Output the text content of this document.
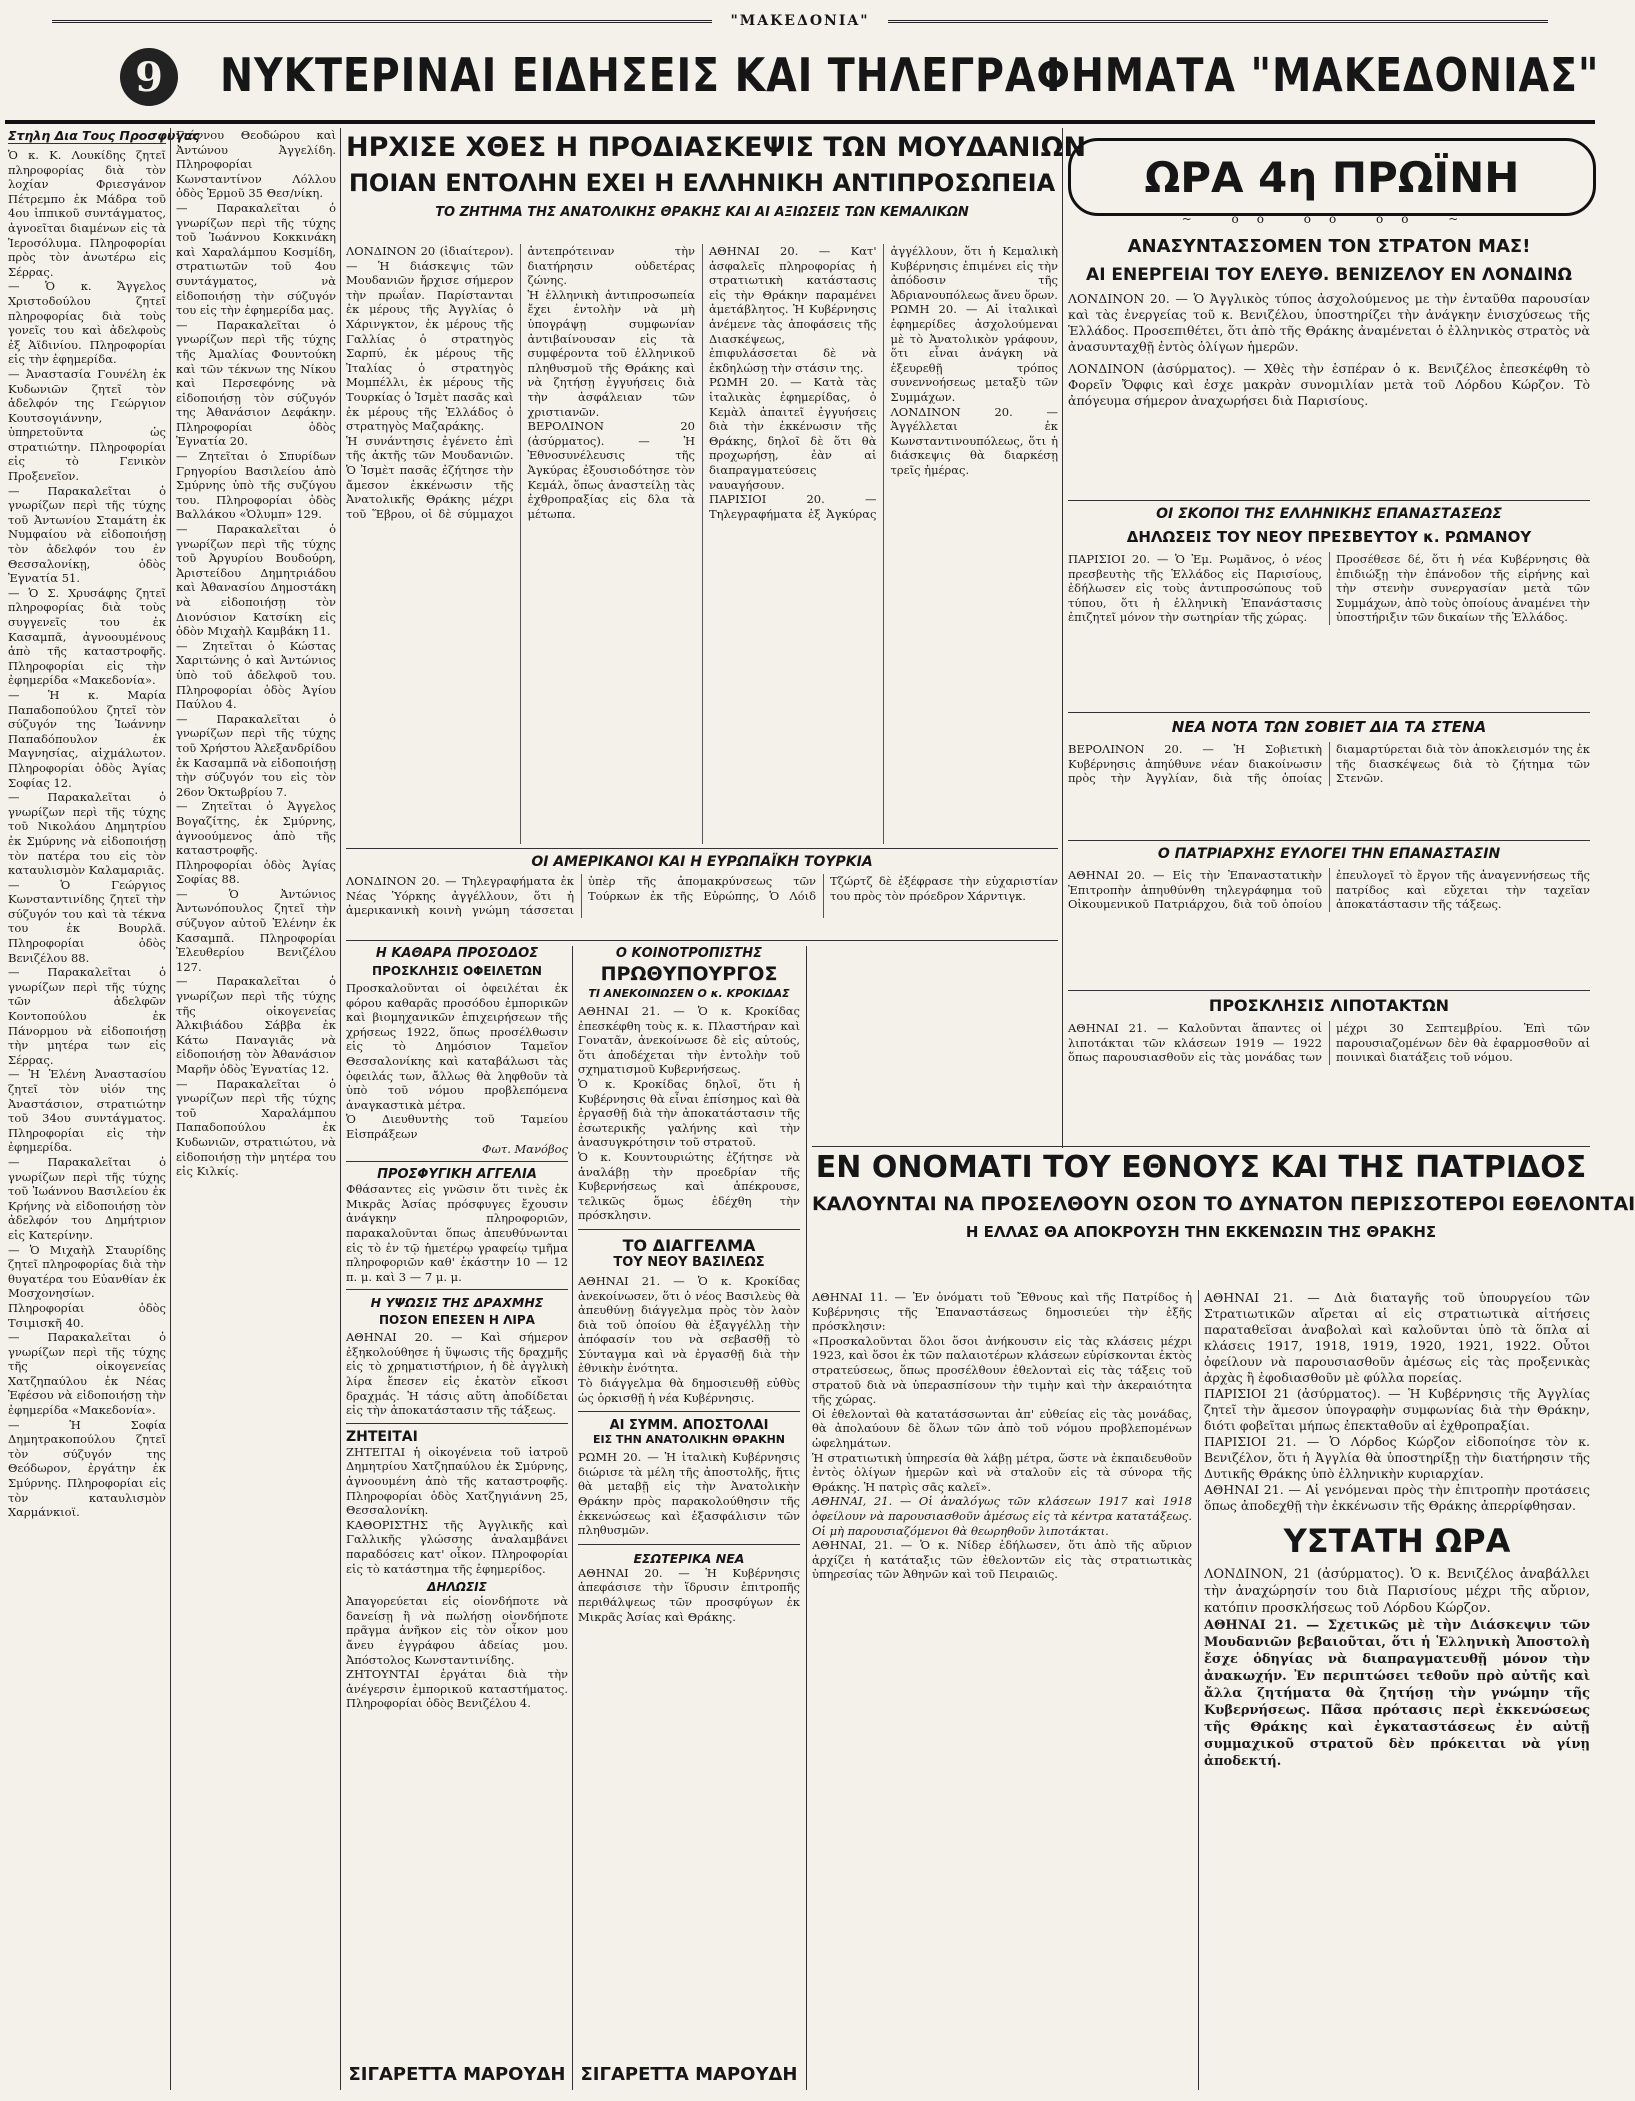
"ΜΑΚΕΔΟΝΙΑ"
9	ΝΥΚΤΕΡΙΝΑΙ ΕΙΔΗΣΕΙΣ ΚΑΙ ΤΗΛΕΓΡΑΦΗΜΑΤΑ "ΜΑΚΕΔΟΝΙΑΣ"
Στηλη Δια Τους Προσφυγας

Ὁ κ. Κ. Λουκίδης ζητεῖ πληροφορίας διὰ τὸν λοχίαν Φριεσγάνον Πέτρεμπο ἐκ Μάδρα τοῦ 4ου ἱππικοῦ συντάγματος, ἀγνοεῖται διαμένων εἰς τὰ Ἱεροσόλυμα. Πληροφορίαι πρὸς τὸν ἀνωτέρω εἰς Σέρρας.

— Ὁ κ. Ἄγγελος Χριστοδούλου ζητεῖ πληροφορίας διὰ τοὺς γονεῖς του καὶ ἀδελφοὺς ἐξ Ἀϊδινίου. Πληροφορίαι εἰς τὴν ἐφημερίδα.

— Ἀναστασία Γουνέλη ἐκ Κυδωνιῶν ζητεῖ τὸν ἀδελφόν της Γεώργιον Κουτσογιάννην, ὑπηρετοῦντα ὡς στρατιώτην. Πληροφορίαι εἰς τὸ Γενικὸν Προξενεῖον.

— Παρακαλεῖται ὁ γνωρίζων περὶ τῆς τύχης τοῦ Ἀντωνίου Σταμάτη ἐκ Νυμφαίου νὰ εἰδοποιήσῃ τὸν ἀδελφόν του ἐν Θεσσαλονίκῃ, ὁδὸς Ἐγνατία 51.

— Ὁ Σ. Χρυσάφης ζητεῖ πληροφορίας διὰ τοὺς συγγενεῖς του ἐκ Κασαμπᾶ, ἀγνοουμένους ἀπὸ τῆς καταστροφῆς. Πληροφορίαι εἰς τὴν ἐφημερίδα «Μακεδονία».

— Ἡ κ. Μαρία Παπαδοπούλου ζητεῖ τὸν σύζυγόν της Ἰωάννην Παπαδόπουλον ἐκ Μαγνησίας, αἰχμάλωτον. Πληροφορίαι ὁδὸς Ἀγίας Σοφίας 12.

— Παρακαλεῖται ὁ γνωρίζων περὶ τῆς τύχης τοῦ Νικολάου Δημητρίου ἐκ Σμύρνης νὰ εἰδοποιήσῃ τὸν πατέρα του εἰς τὸν καταυλισμὸν Καλαμαριᾶς.

— Ὁ Γεώργιος Κωνσταντινίδης ζητεῖ τὴν σύζυγόν του καὶ τὰ τέκνα του ἐκ Βουρλᾶ. Πληροφορίαι ὁδὸς Βενιζέλου 88.

— Παρακαλεῖται ὁ γνωρίζων περὶ τῆς τύχης τῶν ἀδελφῶν Κοντοπούλου ἐκ Πάνορμου νὰ εἰδοποιήσῃ τὴν μητέρα των εἰς Σέρρας.

— Ἡ Ἑλένη Ἀναστασίου ζητεῖ τὸν υἱόν της Ἀναστάσιον, στρατιώτην τοῦ 34ου συντάγματος. Πληροφορίαι εἰς τὴν ἐφημερίδα.

— Παρακαλεῖται ὁ γνωρίζων περὶ τῆς τύχης τοῦ Ἰωάννου Βασιλείου ἐκ Κρήνης νὰ εἰδοποιήσῃ τὸν ἀδελφόν του Δημήτριον εἰς Κατερίνην.

— Ὁ Μιχαὴλ Σταυρίδης ζητεῖ πληροφορίας διὰ τὴν θυγατέρα του Εὐανθίαν ἐκ Μοσχονησίων. Πληροφορίαι ὁδὸς Τσιμισκῆ 40.

— Παρακαλεῖται ὁ γνωρίζων περὶ τῆς τύχης τῆς οἰκογενείας Χατζηπαύλου ἐκ Νέας Ἐφέσου νὰ εἰδοποιήσῃ τὴν ἐφημερίδα «Μακεδονία».

— Ἡ Σοφία Δημητρακοπούλου ζητεῖ τὸν σύζυγόν της Θεόδωρον, ἐργάτην ἐκ Σμύρνης. Πληροφορίαι εἰς τὸν καταυλισμὸν Χαρμάνκιοϊ.

Γιάννου Θεοδώρου καὶ Ἀντώνου Ἀγγελίδη. Πληροφορίαι Κωνσταντίνον Λόλλου ὁδὸς Ἑρμοῦ 35 Θεσ/νίκη.

— Παρακαλεῖται ὁ γνωρίζων περὶ τῆς τύχης τοῦ Ἰωάννου Κοκκινάκη καὶ Χαραλάμπου Κοσμίδη, στρατιωτῶν τοῦ 4ου συντάγματος, νὰ εἰδοποιήσῃ τὴν σύζυγόν του εἰς τὴν ἐφημερίδα μας.

— Παρακαλεῖται ὁ γνωρίζων περὶ τῆς τύχης τῆς Ἀμαλίας Φουντούκη καὶ τῶν τέκνων της Νίκου καὶ Περσεφόνης νὰ εἰδοποιήσῃ τὸν σύζυγόν της Ἀθανάσιον Δεφάκην. Πληροφορίαι ὁδὸς Ἐγνατία 20.

— Ζητεῖται ὁ Σπυρίδων Γρηγορίου Βασιλείου ἀπὸ Σμύρνης ὑπὸ τῆς συζύγου του. Πληροφορίαι ὁδὸς Βαλλάκου «Ὁλυμπ» 129.

— Παρακαλεῖται ὁ γνωρίζων περὶ τῆς τύχης τοῦ Ἀργυρίου Βουδούρη, Ἀριστείδου Δημητριάδου καὶ Ἀθανασίου Δημοστάκη νὰ εἰδοποιήσῃ τὸν Διονύσιον Κατσίκη εἰς ὁδὸν Μιχαὴλ Καμβάκη 11.

— Ζητεῖται ὁ Κώστας Χαριτώνης ὁ καὶ Ἀντώνιος ὑπὸ τοῦ ἀδελφοῦ του. Πληροφορίαι ὁδὸς Ἀγίου Παύλου 4.

— Παρακαλεῖται ὁ γνωρίζων περὶ τῆς τύχης τοῦ Χρήστου Ἀλεξανδρίδου ἐκ Κασαμπᾶ νὰ εἰδοποιήσῃ τὴν σύζυγόν του εἰς τὸν 26ον Ὀκτωβρίου 7.

— Ζητεῖται ὁ Ἀγγελος Βογαζίτης, ἐκ Σμύρνης, ἀγνοούμενος ἀπὸ τῆς καταστροφῆς. Πληροφορίαι ὁδὸς Ἁγίας Σοφίας 88.

— Ὁ Ἀντώνιος Ἀντωνόπουλος ζητεῖ τὴν σύζυγον αὐτοῦ Ἑλένην ἐκ Κασαμπᾶ. Πληροφορίαι Ἐλευθερίου Βενιζέλου 127.

— Παρακαλεῖται ὁ γνωρίζων περὶ τῆς τύχης τῆς οἰκογενείας Ἀλκιβιάδου Σάββα ἐκ Κάτω Παναγιᾶς νὰ εἰδοποιήσῃ τὸν Ἀθανάσιον Μαρῆν ὁδὸς Ἐγνατίας 12.

— Παρακαλεῖται ὁ γνωρίζων περὶ τῆς τύχης τοῦ Χαραλάμπου Παπαδοπούλου ἐκ Κυδωνιῶν, στρατιώτου, νὰ εἰδοποιήσῃ τὴν μητέρα του εἰς Κιλκίς.

ΗΡΧΙΣΕ ΧΘΕΣ Η ΠΡΟΔΙΑΣΚΕΨΙΣ ΤΩΝ ΜΟΥΔΑΝΙΩΝ
ΠΟΙΑΝ ΕΝΤΟΛΗΝ ΕΧΕΙ Η ΕΛΛΗΝΙΚΗ ΑΝΤΙΠΡΟΣΩΠΕΙΑ
ΤΟ ΖΗΤΗΜΑ ΤΗΣ ΑΝΑΤΟΛΙΚΗΣ ΘΡΑΚΗΣ ΚΑΙ ΑΙ ΑΞΙΩΣΕΙΣ ΤΩΝ ΚΕΜΑΛΙΚΩΝ

ΛΟΝΔΙΝΟΝ 20 (ἰδιαίτερον). — Ἡ διάσκεψις τῶν Μουδανιῶν ἤρχισε σήμερον τὴν πρωΐαν. Παρίστανται ἐκ μέρους τῆς Ἀγγλίας ὁ Χάρινγκτον, ἐκ μέρους τῆς Γαλλίας ὁ στρατηγὸς Σαρπύ, ἐκ μέρους τῆς Ἰταλίας ὁ στρατηγὸς Μομπέλλι, ἐκ μέρους τῆς Τουρκίας ὁ Ἰσμὲτ πασᾶς καὶ ἐκ μέρους τῆς Ἑλλάδος ὁ στρατηγὸς Μαζαράκης.

Ἡ συνάντησις ἐγένετο ἐπὶ τῆς ἀκτῆς τῶν Μουδανιῶν. Ὁ Ἰσμὲτ πασᾶς ἐζήτησε τὴν ἄμεσον ἐκκένωσιν τῆς Ἀνατολικῆς Θράκης μέχρι τοῦ Ἕβρου, οἱ δὲ σύμμαχοι ἀντεπρότειναν τὴν διατήρησιν οὐδετέρας ζώνης.

Ἡ ἑλληνικὴ ἀντιπροσωπεία ἔχει ἐντολὴν νὰ μὴ ὑπογράψῃ συμφωνίαν ἀντιβαίνουσαν εἰς τὰ συμφέροντα τοῦ ἑλληνικοῦ πληθυσμοῦ τῆς Θράκης καὶ νὰ ζητήσῃ ἐγγυήσεις διὰ τὴν ἀσφάλειαν τῶν χριστιανῶν.

ΒΕΡΟΛΙΝΟΝ 20 (ἀσύρματος). — Ἡ Ἐθνοσυνέλευσις τῆς Ἀγκύρας ἐξουσιοδότησε τὸν Κεμάλ, ὅπως ἀναστείλῃ τὰς ἐχθροπραξίας εἰς δλα τὰ μέτωπα.

ΑΘΗΝΑΙ 20. — Κατ' ἀσφαλεῖς πληροφορίας ἡ στρατιωτικὴ κατάστασις εἰς τὴν Θράκην παραμένει ἀμετάβλητος. Ἡ Κυβέρνησις ἀνέμενε τὰς ἀποφάσεις τῆς Διασκέψεως, ἐπιφυλάσσεται δὲ νὰ ἐκδηλώσῃ τὴν στάσιν της.

ΡΩΜΗ 20. — Κατὰ τὰς ἰταλικὰς ἐφημερίδας, ὁ Κεμὰλ ἀπαιτεῖ ἐγγυήσεις διὰ τὴν ἐκκένωσιν τῆς Θράκης, δηλοῖ δὲ ὅτι θὰ προχωρήσῃ, ἐὰν αἱ διαπραγματεύσεις ναυαγήσουν.

ΠΑΡΙΣΙΟΙ 20. — Τηλεγραφήματα ἐξ Ἀγκύρας ἀγγέλλουν, ὅτι ἡ Κεμαλικὴ Κυβέρνησις ἐπιμένει εἰς τὴν ἀπόδοσιν τῆς Ἀδριανουπόλεως ἄνευ ὅρων.

ΡΩΜΗ 20. — Αἱ ἰταλικαὶ ἐφημερίδες ἀσχολούμεναι μὲ τὸ Ἀνατολικὸν γράφουν, ὅτι εἶναι ἀνάγκη νὰ ἐξευρεθῇ τρόπος συνεννοήσεως μεταξὺ τῶν Συμμάχων.

ΛΟΝΔΙΝΟΝ 20. — Ἀγγέλλεται ἐκ Κωνσταντινουπόλεως, ὅτι ἡ διάσκεψις θὰ διαρκέσῃ τρεῖς ἡμέρας.

ΩΡΑ 4η ΠΡΩΪΝΗ
~ oo oo oo ~
ΑΝΑΣΥΝΤΑΣΣΟΜΕΝ ΤΟΝ ΣΤΡΑΤΟΝ ΜΑΣ!
ΑΙ ΕΝΕΡΓΕΙΑΙ ΤΟΥ ΕΛΕΥΘ. ΒΕΝΙΖΕΛΟΥ ΕΝ ΛΟΝΔΙΝΩ

ΛΟΝΔΙΝΟΝ 20. — Ὁ Ἀγγλικὸς τύπος ἀσχολούμενος με τὴν ἐνταῦθα παρουσίαν καὶ τὰς ἐνεργείας τοῦ κ. Βενιζέλου, ὑποστηρίζει τὴν ἀνάγκην ἐνισχύσεως τῆς Ἑλλάδος. Προσεπιθέτει, ὅτι ἀπὸ τῆς Θράκης ἀναμένεται ὁ ἐλληνικὸς στρατὸς νὰ ἀνασυνταχθῇ ἐντὸς ὀλίγων ἡμερῶν.

ΛΟΝΔΙΝΟΝ (ἀσύρματος). — Χθὲς τὴν ἑσπέραν ὁ κ. Βενιζέλος ἐπεσκέφθη τὸ Φορεῖν Ὄφφις καὶ ἐσχε μακρὰν συνομιλίαν μετὰ τοῦ Λόρδου Κώρζον. Τὸ ἀπόγευμα σήμερον ἀναχωρήσει διὰ Παρισίους.

ΟΙ ΣΚΟΠΟΙ ΤΗΣ ΕΛΛΗΝΙΚΗΣ ΕΠΑΝΑΣΤΑΣΕΩΣ
ΔΗΛΩΣΕΙΣ ΤΟΥ ΝΕΟΥ ΠΡΕΣΒΕΥΤΟΥ κ. ΡΩΜΑΝΟΥ

ΠΑΡΙΣΙΟΙ 20. — Ὁ Ἐμ. Ρωμᾶνος, ὁ νέος πρεσβευτὴς τῆς Ἑλλάδος εἰς Παρισίους, ἐδήλωσεν εἰς τοὺς ἀντιπροσώπους τοῦ τύπου, ὅτι ἡ ἑλληνικὴ Ἐπανάστασις ἐπιζητεῖ μόνον τὴν σωτηρίαν τῆς χώρας.

Προσέθεσε δέ, ὅτι ἡ νέα Κυβέρνησις θὰ ἐπιδιώξῃ τὴν ἐπάνοδον τῆς εἰρήνης καὶ τὴν στενὴν συνεργασίαν μετὰ τῶν Συμμάχων, ἀπὸ τοὺς ὁποίους ἀναμένει τὴν ὑποστήριξιν τῶν δικαίων τῆς Ἑλλάδος.

ΝΕΑ ΝΟΤΑ ΤΩΝ ΣΟΒΙΕΤ ΔΙΑ ΤΑ ΣΤΕΝΑ

ΒΕΡΟΛΙΝΟΝ 20. — Ἡ Σοβιετικὴ Κυβέρνησις ἀπηύθυνε νέαν διακοίνωσιν πρὸς τὴν Ἀγγλίαν, διὰ τῆς ὁποίας διαμαρτύρεται διὰ τὸν ἀποκλεισμόν της ἐκ τῆς διασκέψεως διὰ τὸ ζήτημα τῶν Στενῶν.

Ο ΠΑΤΡΙΑΡΧΗΣ ΕΥΛΟΓΕΙ ΤΗΝ ΕΠΑΝΑΣΤΑΣΙΝ

ΑΘΗΝΑΙ 20. — Εἰς τὴν Ἐπαναστατικὴν Ἐπιτροπὴν ἀπηυθύνθη τηλεγράφημα τοῦ Οἰκουμενικοῦ Πατριάρχου, διὰ τοῦ ὁποίου ἐπευλογεῖ τὸ ἔργον τῆς ἀναγεννήσεως τῆς πατρίδος καὶ εὔχεται τὴν ταχεῖαν ἀποκατάστασιν τῆς τάξεως.

ΠΡΟΣΚΛΗΣΙΣ ΛΙΠΟΤΑΚΤΩΝ

ΑΘΗΝΑΙ 21. — Καλοῦνται ἅπαντες οἱ λιποτάκται τῶν κλάσεων 1919 — 1922 ὅπως παρουσιασθοῦν εἰς τὰς μονάδας των μέχρι 30 Σεπτεμβρίου. Ἐπὶ τῶν παρουσιαζομένων δὲν θὰ ἐφαρμοσθοῦν αἱ ποινικαὶ διατάξεις τοῦ νόμου.

ΟΙ ΑΜΕΡΙΚΑΝΟΙ ΚΑΙ Η ΕΥΡΩΠΑΪΚΗ ΤΟΥΡΚΙΑ

ΛΟΝΔΙΝΟΝ 20. — Τηλεγραφήματα ἐκ Νέας Ὑόρκης ἀγγέλλουν, ὅτι ἡ ἀμερικανικὴ κοινὴ γνώμη τάσσεται ὑπὲρ τῆς ἀπομακρύνσεως τῶν Τούρκων ἐκ τῆς Εὐρώπης, Ὁ Λόιδ Τζώρτζ δὲ ἐξέφρασε τὴν εὐχαριστίαν του πρὸς τὸν πρόεδρον Χάρντιγκ.

Η ΚΑΘΑΡΑ ΠΡΟΣΟΔΟΣ
ΠΡΟΣΚΛΗΣΙΣ ΟΦΕΙΛΕΤΩΝ

Προσκαλοῦνται οἱ ὀφειλέται ἐκ φόρου καθαρᾶς προσόδου ἐμπορικῶν καὶ βιομηχανικῶν ἐπιχειρήσεων τῆς χρήσεως 1922, ὅπως προσέλθωσιν εἰς τὸ Δημόσιον Ταμεῖον Θεσσαλονίκης καὶ καταβάλωσι τὰς ὀφειλάς των, ἄλλως θὰ ληφθοῦν τὰ ὑπὸ τοῦ νόμου προβλεπόμενα ἀναγκαστικὰ μέτρα.

Ὁ Διευθυντὴς τοῦ Ταμείου Εἰσπράξεων

Φωτ. Μανόβος

ΠΡΟΣΦΥΓΙΚΗ ΑΓΓΕΛΙΑ

Φθάσαντες εἰς γνῶσιν ὅτι τινὲς ἐκ Μικρᾶς Ἀσίας πρόσφυγες ἔχουσιν ἀνάγκην πληροφοριῶν, παρακαλοῦνται ὅπως ἀπευθύνωνται εἰς τὸ ἐν τῷ ἡμετέρῳ γραφείῳ τμῆμα πληροφοριῶν καθ' ἑκάστην 10 — 12 π. μ. καὶ 3 — 7 μ. μ.

Η ΥΨΩΣΙΣ ΤΗΣ ΔΡΑΧΜΗΣ
ΠΟΣΟΝ ΕΠΕΣΕΝ Η ΛΙΡΑ

ΑΘΗΝΑΙ 20. — Καὶ σήμερον ἐξηκολούθησε ἡ ὕψωσις τῆς δραχμῆς εἰς τὸ χρηματιστήριον, ἡ δὲ ἀγγλικὴ λίρα ἔπεσεν εἰς ἐκατὸν εἴκοσι δραχμάς. Ἡ τάσις αὕτη ἀποδίδεται εἰς τὴν ἀποκατάστασιν τῆς τάξεως.

ΖΗΤΕΙΤΑΙ

ΖΗΤΕΙΤΑΙ ἡ οἰκογένεια τοῦ ἰατροῦ Δημητρίου Χατζηπαύλου ἐκ Σμύρνης, ἀγνοουμένη ἀπὸ τῆς καταστροφῆς. Πληροφορίαι ὁδὸς Χατζηγιάννη 25, Θεσσαλονίκη.

ΚΑΘΟΡΙΣΤΗΣ τῆς Ἀγγλικῆς καὶ Γαλλικῆς γλώσσης ἀναλαμβάνει παραδόσεις κατ' οἶκον. Πληροφορίαι εἰς τὸ κατάστημα τῆς ἐφημερίδος.

ΔΗΛΩΣΙΣ

Ἀπαγορεύεται εἰς οἱονδήποτε νὰ δανείσῃ ἢ νὰ πωλήσῃ οἱονδήποτε πρᾶγμα ἀνῆκον εἰς τὸν οἶκον μου ἄνευ ἐγγράφου ἀδείας μου. Ἀπόστολος Κωνσταντινίδης.

ΖΗΤΟΥΝΤΑΙ ἐργάται διὰ τὴν ἀνέγερσιν ἐμπορικοῦ καταστήματος. Πληροφορίαι ὁδὸς Βενιζέλου 4.

ΣΙΓΑΡΕΤΤΑ ΜΑΡΟΥΔΗ
Ο ΚΟΙΝΟΤΡΟΠΙΣΤΗΣ
ΠΡΩΘΥΠΟΥΡΓΟΣ
ΤΙ ΑΝΕΚΟΙΝΩΣΕΝ Ο κ. ΚΡΟΚΙΔΑΣ

ΑΘΗΝΑΙ 21. — Ὁ κ. Κροκίδας ἐπεσκέφθη τοὺς κ. κ. Πλαστήραν καὶ Γονατᾶν, ἀνεκοίνωσε δὲ εἰς αὐτούς, ὅτι ἀποδέχεται τὴν ἐντολὴν τοῦ σχηματισμοῦ Κυβερνήσεως.

Ὁ κ. Κροκίδας δηλοῖ, ὅτι ἡ Κυβέρνησις θὰ εἶναι ἐπίσημος καὶ θὰ ἐργασθῇ διὰ τὴν ἀποκατάστασιν τῆς ἐσωτερικῆς γαλήνης καὶ τὴν ἀνασυγκρότησιν τοῦ στρατοῦ.

Ὁ κ. Κουντουριώτης ἐζήτησε νὰ ἀναλάβῃ τὴν προεδρίαν τῆς Κυβερνήσεως καὶ ἀπέκρουσε, τελικῶς ὅμως ἐδέχθη τὴν πρόσκλησιν.

ΤΟ ΔΙΑΓΓΕΛΜΑ
ΤΟΥ ΝΕΟΥ ΒΑΣΙΛΕΩΣ

ΑΘΗΝΑΙ 21. — Ὁ κ. Κροκίδας ἀνεκοίνωσεν, ὅτι ὁ νέος Βασιλεὺς θὰ ἀπευθύνῃ διάγγελμα πρὸς τὸν λαὸν διὰ τοῦ ὁποίου θὰ ἐξαγγέλλῃ τὴν ἀπόφασίν του νὰ σεβασθῇ τὸ Σύνταγμα καὶ νὰ ἐργασθῇ διὰ τὴν ἐθνικὴν ἑνότητα.

Τὸ διάγγελμα θὰ δημοσιευθῇ εὐθὺς ὡς ὁρκισθῇ ἡ νέα Κυβέρνησις.

ΑΙ ΣΥΜΜ. ΑΠΟΣΤΟΛΑΙ
ΕΙΣ ΤΗΝ ΑΝΑΤΟΛΙΚΗΝ ΘΡΑΚΗΝ

ΡΩΜΗ 20. — Ἡ ἰταλικὴ Κυβέρνησις διώρισε τὰ μέλη τῆς ἀποστολῆς, ἥτις θὰ μεταβῇ εἰς τὴν Ἀνατολικὴν Θράκην πρὸς παρακολούθησιν τῆς ἐκκενώσεως καὶ ἐξασφάλισιν τῶν πληθυσμῶν.

ΕΣΩΤΕΡΙΚΑ ΝΕΑ

ΑΘΗΝΑΙ 20. — Ἡ Κυβέρνησις ἀπεφάσισε τὴν ἵδρυσιν ἐπιτροπῆς περιθάλψεως τῶν προσφύγων ἐκ Μικρᾶς Ἀσίας καὶ Θράκης.

ΣΙΓΑΡΕΤΤΑ ΜΑΡΟΥΔΗ
ΕΝ ΟΝΟΜΑΤΙ ΤΟΥ ΕΘΝΟΥΣ ΚΑΙ ΤΗΣ ΠΑΤΡΙΔΟΣ
ΚΑΛΟΥΝΤΑΙ ΝΑ ΠΡΟΣΕΛΘΟΥΝ ΟΣΟΝ ΤΟ ΔΥΝΑΤΟΝ ΠΕΡΙΣΣΟΤΕΡΟΙ ΕΘΕΛΟΝΤΑΙ
Η ΕΛΛΑΣ ΘΑ ΑΠΟΚΡΟΥΣΗ ΤΗΝ ΕΚΚΕΝΩΣΙΝ ΤΗΣ ΘΡΑΚΗΣ

ΑΘΗΝΑΙ 11. — Ἐν ὀνόματι τοῦ Ἔθνους καὶ τῆς Πατρίδος ἡ Κυβέρνησις τῆς Ἐπαναστάσεως δημοσιεύει τὴν ἑξῆς πρόσκλησιν:

«Προσκαλοῦνται ὅλοι ὅσοι ἀνήκουσιν εἰς τὰς κλάσεις μέχρι 1923, καὶ ὅσοι ἐκ τῶν παλαιοτέρων κλάσεων εὑρίσκονται ἐκτὸς στρατεύσεως, ὅπως προσέλθουν ἐθελονταὶ εἰς τὰς τάξεις τοῦ στρατοῦ διὰ νὰ ὑπερασπίσουν τὴν τιμὴν καὶ τὴν ἀκεραιότητα τῆς χώρας.

Οἱ ἐθελονταὶ θὰ κατατάσσωνται ἀπ' εὐθείας εἰς τὰς μονάδας, θὰ ἀπολαύουν δὲ ὅλων τῶν ἀπὸ τοῦ νόμου προβλεπομένων ὠφελημάτων.

Ἡ στρατιωτικὴ ὑπηρεσία θὰ λάβῃ μέτρα, ὥστε νὰ ἐκπαιδευθοῦν ἐντὸς ὀλίγων ἡμερῶν καὶ νὰ σταλοῦν εἰς τὰ σύνορα τῆς Θράκης. Ἡ πατρὶς σᾶς καλεῖ».

ΑΘΗΝΑΙ, 21. — Οἱ ἀναλόγως τῶν κλάσεων 1917 καὶ 1918 ὀφείλουν νὰ παρουσιασθοῦν ἀμέσως εἰς τὰ κέντρα κατατάξεως. Οἱ μὴ παρουσιαζόμενοι θὰ θεωρηθοῦν λιποτάκται.

ΑΘΗΝΑΙ, 21. — Ὁ κ. Νίδερ ἐδήλωσεν, ὅτι ἀπὸ τῆς αὔριον ἀρχίζει ἡ κατάταξις τῶν ἐθελοντῶν εἰς τὰς στρατιωτικὰς ὑπηρεσίας τῶν Ἀθηνῶν καὶ τοῦ Πειραιῶς.

ΑΘΗΝΑΙ 21. — Διὰ διαταγῆς τοῦ ὑπουργείου τῶν Στρατιωτικῶν αἴρεται αἱ εἰς στρατιωτικὰ αἰτήσεις παραταθεῖσαι ἀναβολαὶ καὶ καλοῦνται ὑπὸ τὰ ὅπλα αἱ κλάσεις 1917, 1918, 1919, 1920, 1921, 1922. Οὗτοι ὀφείλουν νὰ παρουσιασθοῦν ἀμέσως εἰς τὰς προξενικὰς ἀρχὰς ἢ ἐφοδιασθοῦν μὲ φύλλα πορείας.

ΠΑΡΙΣΙΟΙ 21 (ἀσύρματος). — Ἡ Κυβέρνησις τῆς Ἀγγλίας ζητεῖ τὴν ἄμεσον ὑπογραφὴν συμφωνίας διὰ τὴν Θράκην, διότι φοβεῖται μήπως ἐπεκταθοῦν αἱ ἐχθροπραξίαι.

ΠΑΡΙΣΙΟΙ 21. — Ὁ Λόρδος Κώρζον εἰδοποίησε τὸν κ. Βενιζέλον, ὅτι ἡ Ἀγγλία θὰ ὑποστηρίξῃ τὴν διατήρησιν τῆς Δυτικῆς Θράκης ὑπὸ ἑλληνικὴν κυριαρχίαν.

ΑΘΗΝΑΙ 21. — Αἱ γενόμεναι πρὸς τὴν ἐπιτροπὴν προτάσεις ὅπως ἀποδεχθῇ τὴν ἐκκένωσιν τῆς Θράκης ἀπερρίφθησαν.

ΥΣΤΑΤΗ ΩΡΑ

ΛΟΝΔΙΝΟΝ, 21 (ἀσύρματος). Ὁ κ. Βενιζέλος ἀναβάλλει τὴν ἀναχώρησίν του διὰ Παρισίους μέχρι τῆς αὔριον, κατόπιν προσκλήσεως τοῦ Λόρδου Κώρζον.

ΑΘΗΝΑΙ 21. — Σχετικῶς μὲ τὴν Διάσκεψιν τῶν Μουδανιῶν βεβαιοῦται, ὅτι ἡ Ἑλληνικὴ Ἀποστολὴ ἔσχε ὁδηγίας νὰ διαπραγματευθῇ μόνον τὴν ἀνακωχήν. Ἐν περιπτώσει τεθοῦν πρὸ αὐτῆς καὶ ἄλλα ζητήματα θὰ ζητήσῃ τὴν γνώμην τῆς Κυβερνήσεως. Πᾶσα πρότασις περὶ ἐκκενώσεως τῆς Θράκης καὶ ἐγκαταστάσεως ἐν αὐτῇ συμμαχικοῦ στρατοῦ δὲν πρόκειται νὰ γίνῃ ἀποδεκτή.
